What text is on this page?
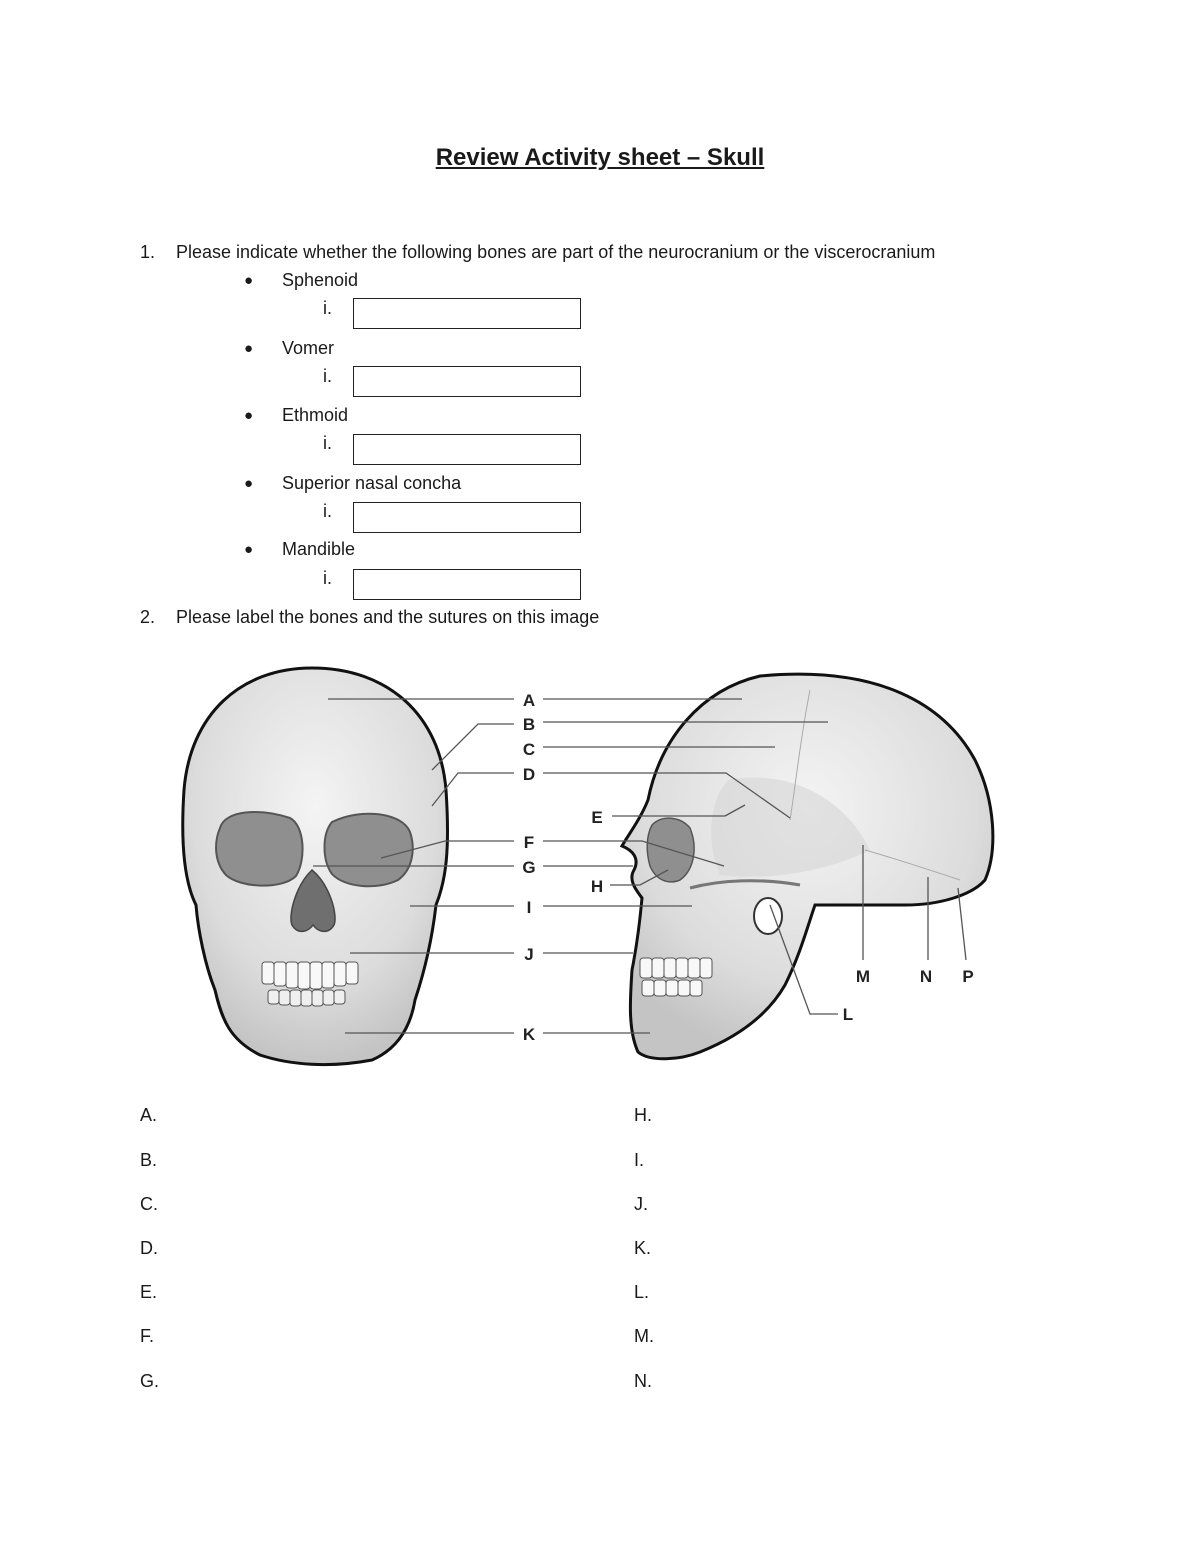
Review Activity sheet – Skull
1. Please indicate whether the following bones are part of the neurocranium or the viscerocranium
● Sphenoid
i.
● Vomer
i.
● Ethmoid
i.
● Superior nasal concha
i.
● Mandible
i.
2. Please label the bones and the sutures on this image
A
B
C
D
E
F
G
H
I
J
K
L
M	N P
A.
B.
C.
D.
E.
F.
G.
H.
I.
J.
K.
L.
M.
N.
